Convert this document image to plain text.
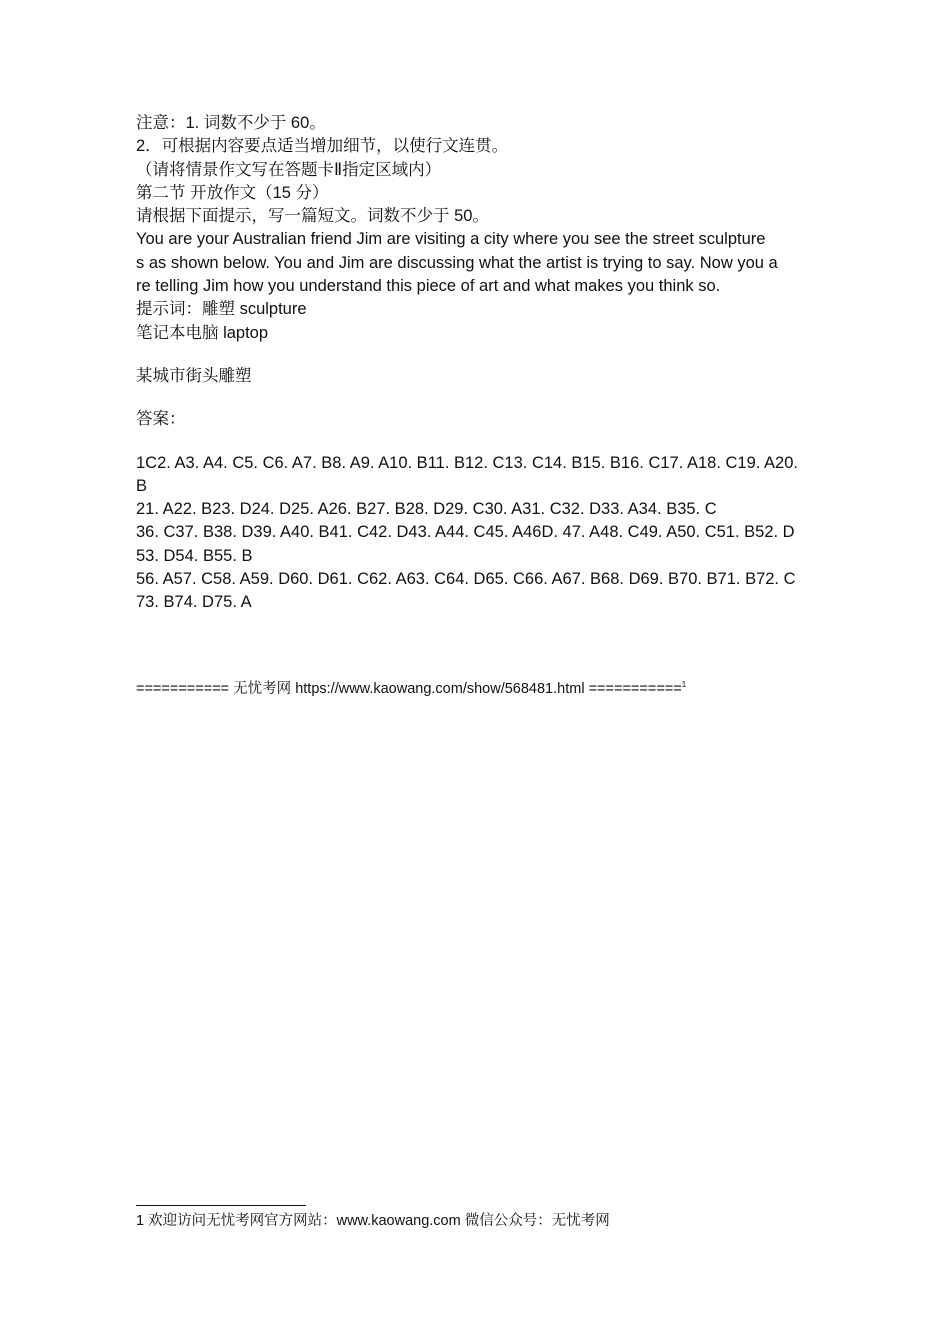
注意：1. 词数不少于 60。
2．可根据内容要点适当增加细节，以使行文连贯。
（请将情景作文写在答题卡Ⅱ指定区域内）
第二节 开放作文（15 分）
请根据下面提示，写一篇短文。词数不少于 50。
You are your Australian friend Jim are visiting a city where you see the street sculpture
s as shown below. You and Jim are discussing what the artist is trying to say. Now you a
re telling Jim how you understand this piece of art and what makes you think so.
提示词：雕塑 sculpture
笔记本电脑 laptop
某城市街头雕塑
答案：
1C2. A3. A4. C5. C6. A7. B8. A9. A10. B11. B12. C13. C14. B15. B16. C17. A18. C19. A20.
B
21. A22. B23. D24. D25. A26. B27. B28. D29. C30. A31. C32. D33. A34. B35. C
36. C37. B38. D39. A40. B41. C42. D43. A44. C45. A46D. 47. A48. C49. A50. C51. B52. D
53. D54. B55. B
56. A57. C58. A59. D60. D61. C62. A63. C64. D65. C66. A67. B68. D69. B70. B71. B72. C
73. B74. D75. A
=========== 无忧考网 https://www.kaowang.com/show/568481.html ===========$^1$
1 欢迎访问无忧考网官方网站：www.kaowang.com 微信公众号：无忧考网
